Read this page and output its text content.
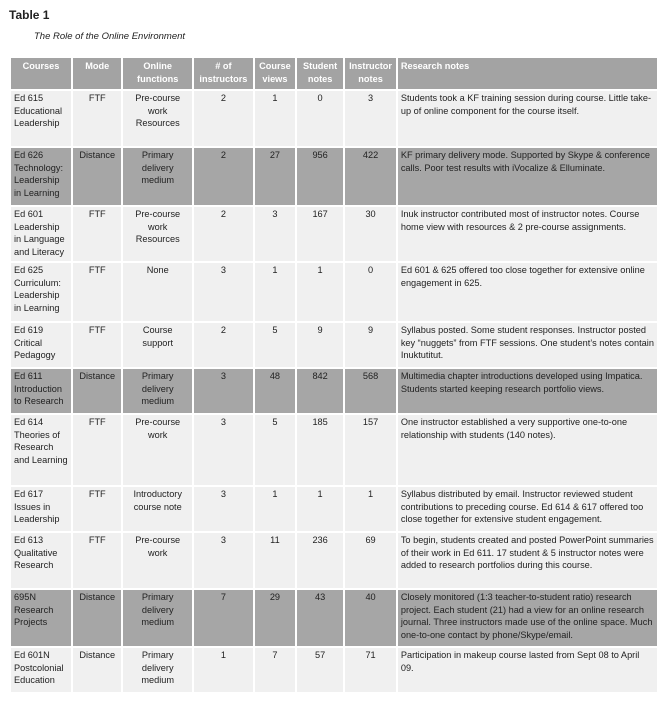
Table 1

The Role of the Online Environment

Courses	Mode	Online functions	# of instructors	Course views	Student notes	Instructor notes	Research notes
Ed 615 Educational Leadership	FTF	Pre-course work Resources	2	1	0	3	Students took a KF training session during course. Little take-up of online component for the course itself.
Ed 626 Technology: Leadership in Learning	Distance	Primary delivery medium	2	27	956	422	KF primary delivery mode. Supported by Skype & conference calls. Poor test results with iVocalize & Elluminate.
Ed 601 Leadership in Language and Literacy	FTF	Pre-course work Resources	2	3	167	30	Inuk instructor contributed most of instructor notes. Course home view with resources & 2 pre-course assignments.
Ed 625 Curriculum: Leadership in Learning	FTF	None	3	1	1	0	Ed 601 & 625 offered too close together for extensive online engagement in 625.
Ed 619 Critical Pedagogy	FTF	Course support	2	5	9	9	Syllabus posted. Some student responses. Instructor posted key “nuggets” from FTF sessions. One student’s notes contain Inuktutitut.
Ed 611 Introduction to Research	Distance	Primary delivery medium	3	48	842	568	Multimedia chapter introductions developed using Impatica. Students started keeping research portfolio views.
Ed 614 Theories of Research and Learning	FTF	Pre-course work	3	5	185	157	One instructor established a very supportive one-to-one relationship with students (140 notes).
Ed 617 Issues in Leadership	FTF	Introductory course note	3	1	1	1	Syllabus distributed by email. Instructor reviewed student contributions to preceding course. Ed 614 & 617 offered too close together for extensive student engagement.
Ed 613 Qualitative Research	FTF	Pre-course work	3	11	236	69	To begin, students created and posted PowerPoint summaries of their work in Ed 611. 17 student & 5 instructor notes were added to research portfolios during this course.
695N Research Projects	Distance	Primary delivery medium	7	29	43	40	Closely monitored (1:3 teacher-to-student ratio) research project. Each student (21) had a view for an online research journal. Three instructors made use of the online space. Much one-to-one contact by phone/Skype/email.
Ed 601N Postcolonial Education	Distance	Primary delivery medium	1	7	57	71	Participation in makeup course lasted from Sept 08 to April 09.
